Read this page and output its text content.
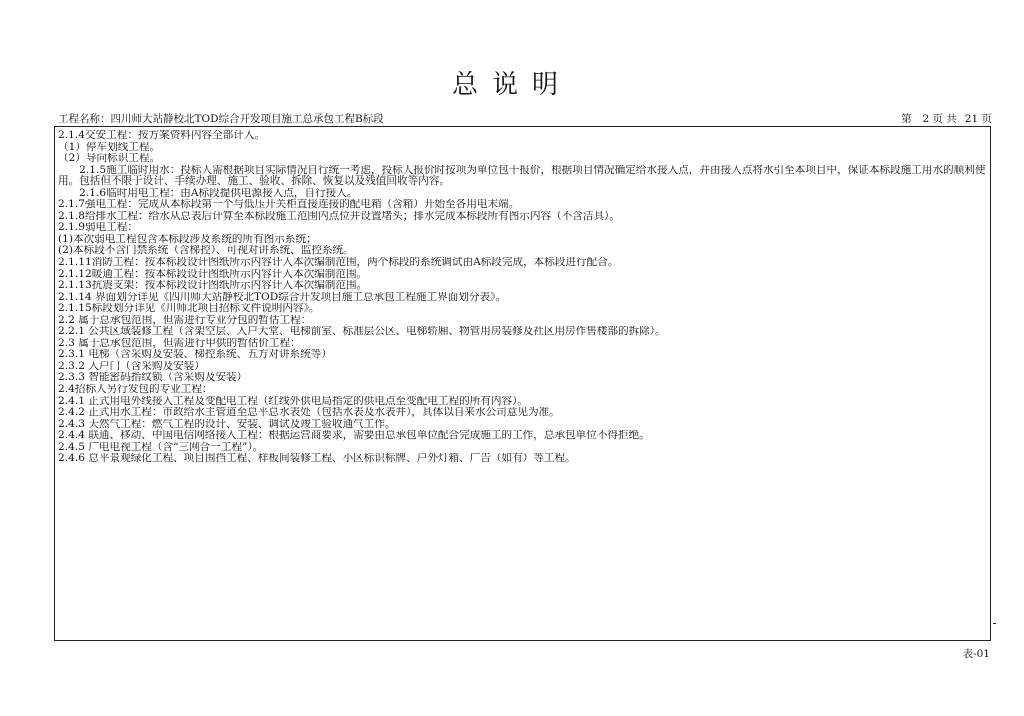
总说明
工程名称：四川师大站静校北TOD综合开发项目施工总承包工程B标段	第 2 页 共 21 页
2.1.4交安工程：按方案资料内容全部计入。
（1）停车划线工程。
（2）导向标识工程。
　　2.1.5施工临时用水：投标人需根据项目实际情况自行统一考虑，投标人报价时按项为单位包干报价，根据项目情况确定给水接入点，并由接入点将水引至本项目中，保证本标段施工用水的顺利使用。包括但不限于设计、手续办理、施工、验收、拆除、恢复以及残值回收等内容。
　　2.1.6临时用电工程：由A标段提供电源接入点，自行接入。
2.1.7强电工程：完成从本标段第一个与低压开关柜直接连接的配电箱（含箱）开始至各用电末端。
2.1.8给排水工程：给水从总表后计算至本标段施工范围内点位并设置堵头；排水完成本标段所有图示内容（不含洁具）。
2.1.9弱电工程：
(1)本次弱电工程包含本标段涉及系统的所有图示系统；
(2)本标段不含门禁系统（含梯控）、可视对讲系统、监控系统。
2.1.11消防工程：按本标段设计图纸所示内容计入本次编制范围，两个标段的系统调试由A标段完成，本标段进行配合。
2.1.12暖通工程：按本标段设计图纸所示内容计入本次编制范围。
2.1.13抗震支架：按本标段设计图纸所示内容计入本次编制范围。
2.1.14 界面划分详见《四川师大站静校北TOD综合开发项目施工总承包工程施工界面划分表》。
2.1.15标段划分详见《川师北项目招标文件说明内容》。
2.2 属于总承包范围，但需进行专业分包的暂估工程：
2.2.1 公共区域装修工程（含架空层、入户大堂、电梯前室、标准层公区、电梯轿厢、物管用房装修及社区用房作售楼部的拆除）。
2.3 属于总承包范围，但需进行甲供的暂估价工程：
2.3.1 电梯（含采购及安装、梯控系统、五方对讲系统等）
2.3.2 入户门（含采购及安装）
2.3.3 智能密码指纹锁（含采购及安装）
2.4招标人另行发包的专业工程：
2.4.1 正式用电外线接入工程及变配电工程（红线外供电局指定的供电点至变配电工程的所有内容）。
2.4.2 正式用水工程：市政给水主管道至总平总水表处（包括水表及水表井），具体以自来水公司意见为准。
2.4.3 天然气工程：燃气工程的设计、安装、调试及竣工验收通气工作。
2.4.4 联通、移动、中国电信网络接入工程：根据运营商要求，需要由总承包单位配合完成施工的工作，总承包单位不得拒绝。
2.4.5 广电电视工程（含“三网合一工程”）。
2.4.6 总平景观绿化工程、项目围挡工程、样板间装修工程、小区标识标牌、户外灯箱、广告（如有）等工程。
表-01
